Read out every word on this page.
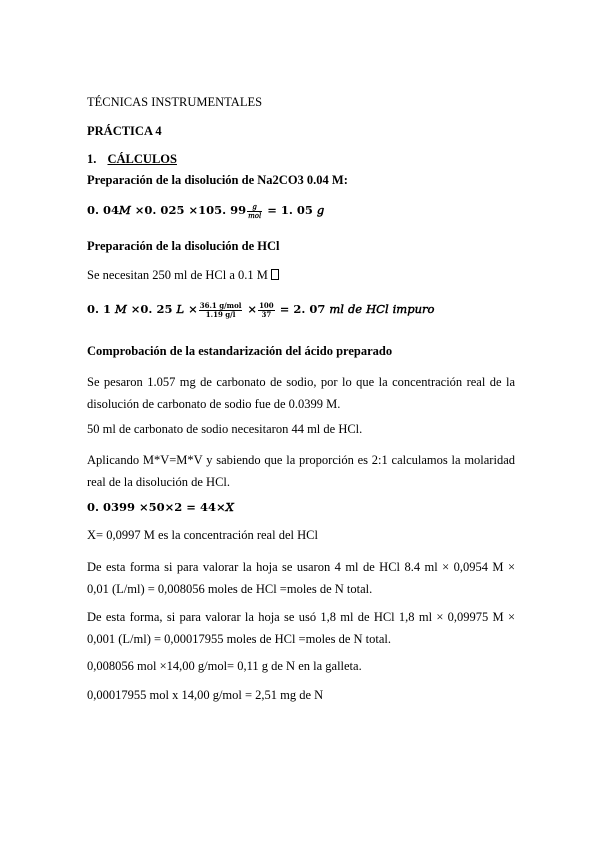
TÉCNICAS INSTRUMENTALES
PRÁCTICA 4
1. CÁLCULOS
Preparación de la disolución de Na2CO3 0.04 M:
0. 04𝑀 ×0. 025 ×105. $99 \frac{\text{𝑔}}{\text{𝑚𝑜𝑙}} = 1$. 05 𝑔
Preparación de la disolución de HCl
Se necesitan 250 ml de HCl a 0.1 M
0. 1 𝑀 ×0. 25 𝐿 × $\frac{\text{36.1 g/mol}}{1.19 g/l} \times \frac{100}{37} = 2$. 07 𝑚𝑙 𝑑𝑒 𝐻𝐶𝑙 𝑖𝑚𝑝𝑢𝑟𝑜
Comprobación de la estandarización del ácido preparado
Se pesaron 1.057 mg de carbonato de sodio, por lo que la concentración real de la disolución de carbonato de sodio fue de 0.0399 M.
50 ml de carbonato de sodio necesitaron 44 ml de HCl.
Aplicando M*V=M*V y sabiendo que la proporción es 2:1 calculamos la molaridad real de la disolución de HCl.
0. 0399 ×50×2 = 44×𝑋
X= 0,0997 M es la concentración real del HCl
De esta forma si para valorar la hoja se usaron 4 ml de HCl 8.4 ml × 0,0954 M × 0,01 (L/ml) = 0,008056 moles de HCl =moles de N total.
De esta forma, si para valorar la hoja se usó 1,8 ml de HCl 1,8 ml × 0,09975 M × 0,001 (L/ml) = 0,00017955 moles de HCl =moles de N total.
0,008056 mol ×14,00 g/mol= 0,11 g de N en la galleta.
0,00017955 mol x 14,00 g/mol = 2,51 mg de N
